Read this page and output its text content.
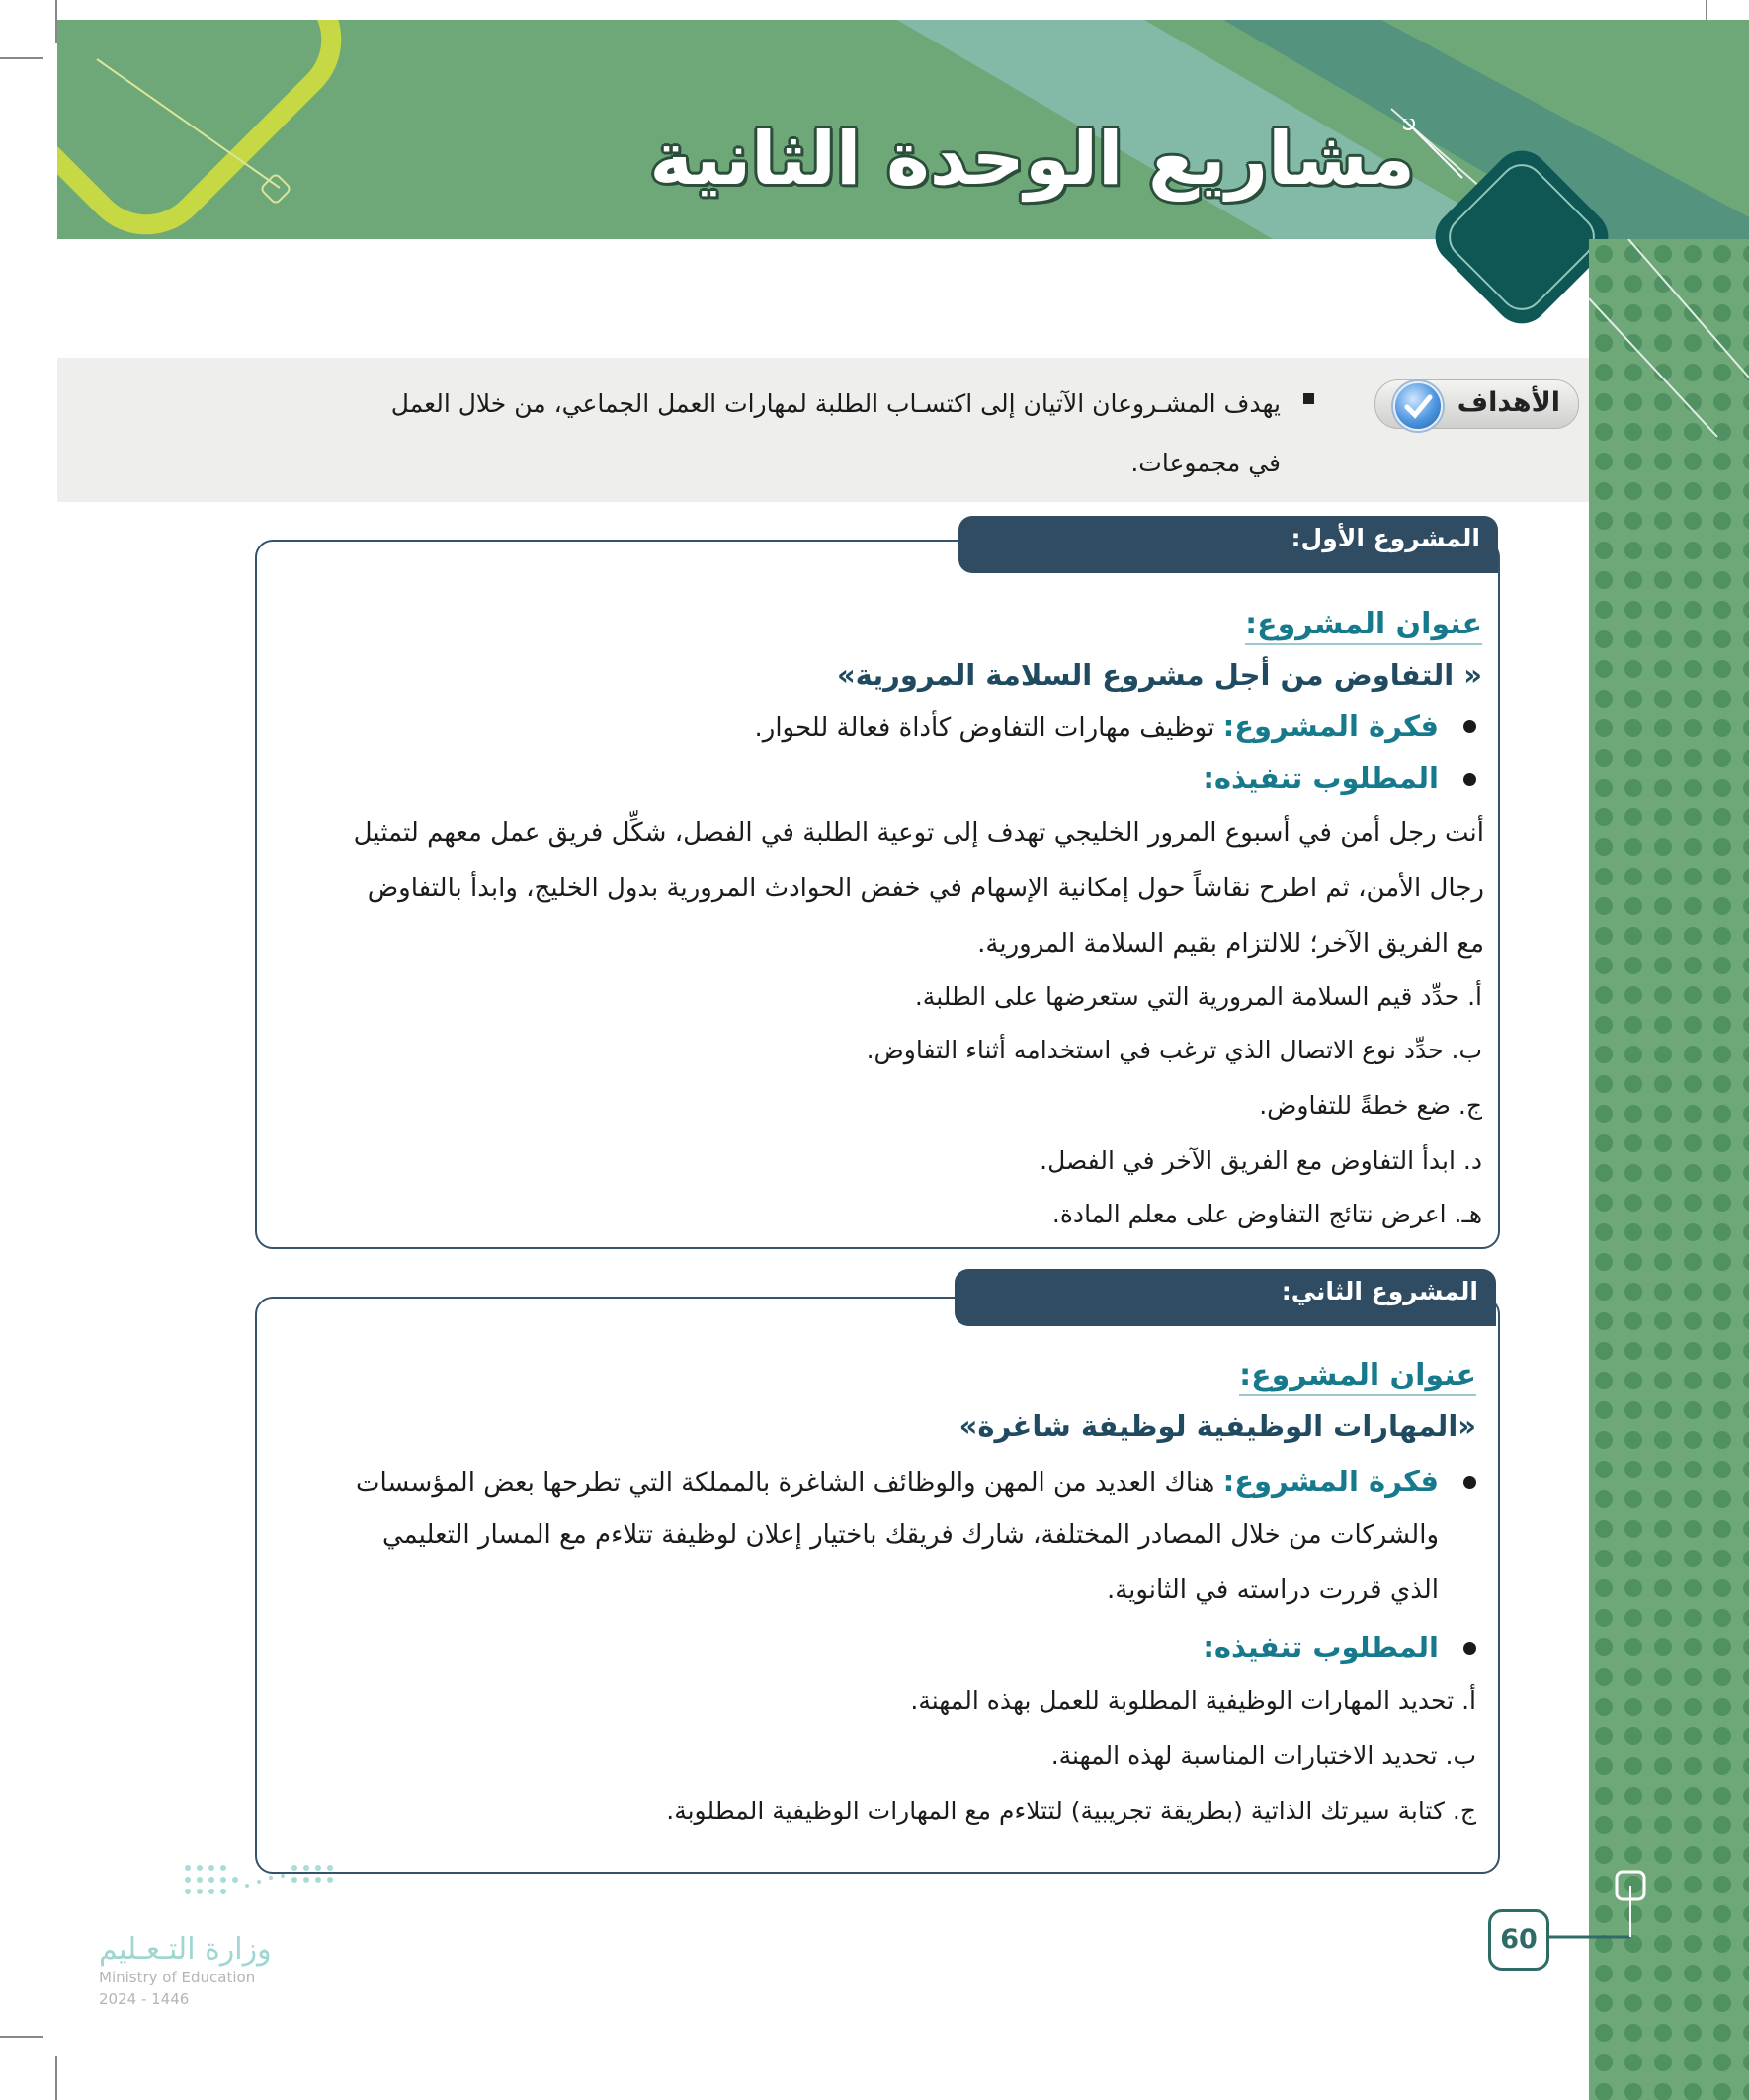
مشاريع الوحدة الثانية
الأهداف
يهدف المشـروعان الآتيان إلى اكتسـاب الطلبة لمهارات العمل الجماعي، من خلال العمل
في مجموعات.
عنوان المشروع:
« التفاوض من أجل مشروع السلامة المرورية»
فكرة المشروع: توظيف مهارات التفاوض كأداة فعالة للحوار.
المطلوب تنفيذه:
أنت رجل أمن في أسبوع المرور الخليجي تهدف إلى توعية الطلبة في الفصل، شكِّل فريق عمل معهم لتمثيل
رجال الأمن، ثم اطرح نقاشاً حول إمكانية الإسهام في خفض الحوادث المرورية بدول الخليج، وابدأ بالتفاوض
مع الفريق الآخر؛ للالتزام بقيم السلامة المرورية.
أ. حدِّد قيم السلامة المرورية التي ستعرضها على الطلبة.
ب. حدِّد نوع الاتصال الذي ترغب في استخدامه أثناء التفاوض.
ج. ضع خطةً للتفاوض.
د. ابدأ التفاوض مع الفريق الآخر في الفصل.
هـ. اعرض نتائج التفاوض على معلم المادة.
المشروع الأول:
عنوان المشروع:
«المهارات الوظيفية لوظيفة شاغرة»
فكرة المشروع: هناك العديد من المهن والوظائف الشاغرة بالمملكة التي تطرحها بعض المؤسسات
والشركات من خلال المصادر المختلفة، شارك فريقك باختيار إعلان لوظيفة تتلاءم مع المسار التعليمي
الذي قررت دراسته في الثانوية.
المطلوب تنفيذه:
أ. تحديد المهارات الوظيفية المطلوبة للعمل بهذه المهنة.
ب. تحديد الاختبارات المناسبة لهذه المهنة.
ج. كتابة سيرتك الذاتية (بطريقة تجريبية) لتتلاءم مع المهارات الوظيفية المطلوبة.
المشروع الثاني:
60
وزارة التـعـليم
Ministry of Education
2024 - 1446
